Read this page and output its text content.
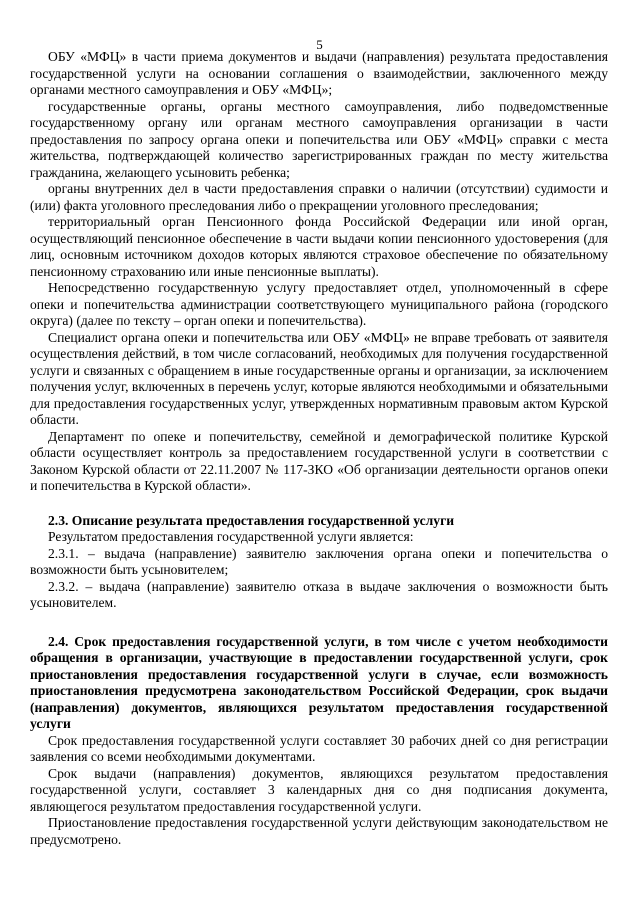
5

ОБУ «МФЦ» в части приема документов и выдачи (направления) результата предоставления государственной услуги на основании соглашения о взаимодействии, заключенного между органами местного самоуправления и ОБУ «МФЦ»;

государственные органы, органы местного самоуправления, либо подведомственные государственному органу или органам местного самоуправления организации в части предоставления по запросу органа опеки и попечительства или ОБУ «МФЦ» справки с места жительства, подтверждающей количество зарегистрированных граждан по месту жительства гражданина, желающего усыновить ребенка;

органы внутренних дел в части предоставления справки о наличии (отсутствии) судимости и (или) факта уголовного преследования либо о прекращении уголовного преследования;

территориальный орган Пенсионного фонда Российской Федерации или иной орган, осуществляющий пенсионное обеспечение в части выдачи копии пенсионного удостоверения (для лиц, основным источником доходов которых являются страховое обеспечение по обязательному пенсионному страхованию или иные пенсионные выплаты).

Непосредственно государственную услугу предоставляет отдел, уполномоченный в сфере опеки и попечительства администрации соответствующего муниципального района (городского округа) (далее по тексту – орган опеки и попечительства).

Специалист органа опеки и попечительства или ОБУ «МФЦ» не вправе требовать от заявителя осуществления действий, в том числе согласований, необходимых для получения государственной услуги и связанных с обращением в иные государственные органы и организации, за исключением получения услуг, включенных в перечень услуг, которые являются необходимыми и обязательными для предоставления государственных услуг, утвержденных нормативным правовым актом Курской области.

Департамент по опеке и попечительству, семейной и демографической политике Курской области осуществляет контроль за предоставлением государственной услуги в соответствии с Законом Курской области от 22.11.2007 № 117-ЗКО «Об организации деятельности органов опеки и попечительства в Курской области».

2.3. Описание результата предоставления государственной услуги

Результатом предоставления государственной услуги является:

2.3.1. – выдача (направление) заявителю заключения органа опеки и попечительства о возможности быть усыновителем;

2.3.2. – выдача (направление) заявителю отказа в выдаче заключения о возможности быть усыновителем.

2.4. Срок предоставления государственной услуги, в том числе с учетом необходимости обращения в организации, участвующие в предоставлении государственной услуги, срок приостановления предоставления государственной услуги в случае, если возможность приостановления предусмотрена законодательством Российской Федерации, срок выдачи (направления) документов, являющихся результатом предоставления государственной услуги

Срок предоставления государственной услуги составляет 30 рабочих дней со дня регистрации заявления со всеми необходимыми документами.

Срок выдачи (направления) документов, являющихся результатом предоставления государственной услуги, составляет 3 календарных дня со дня подписания документа, являющегося результатом предоставления государственной услуги.

Приостановление предоставления государственной услуги действующим законодательством не предусмотрено.
